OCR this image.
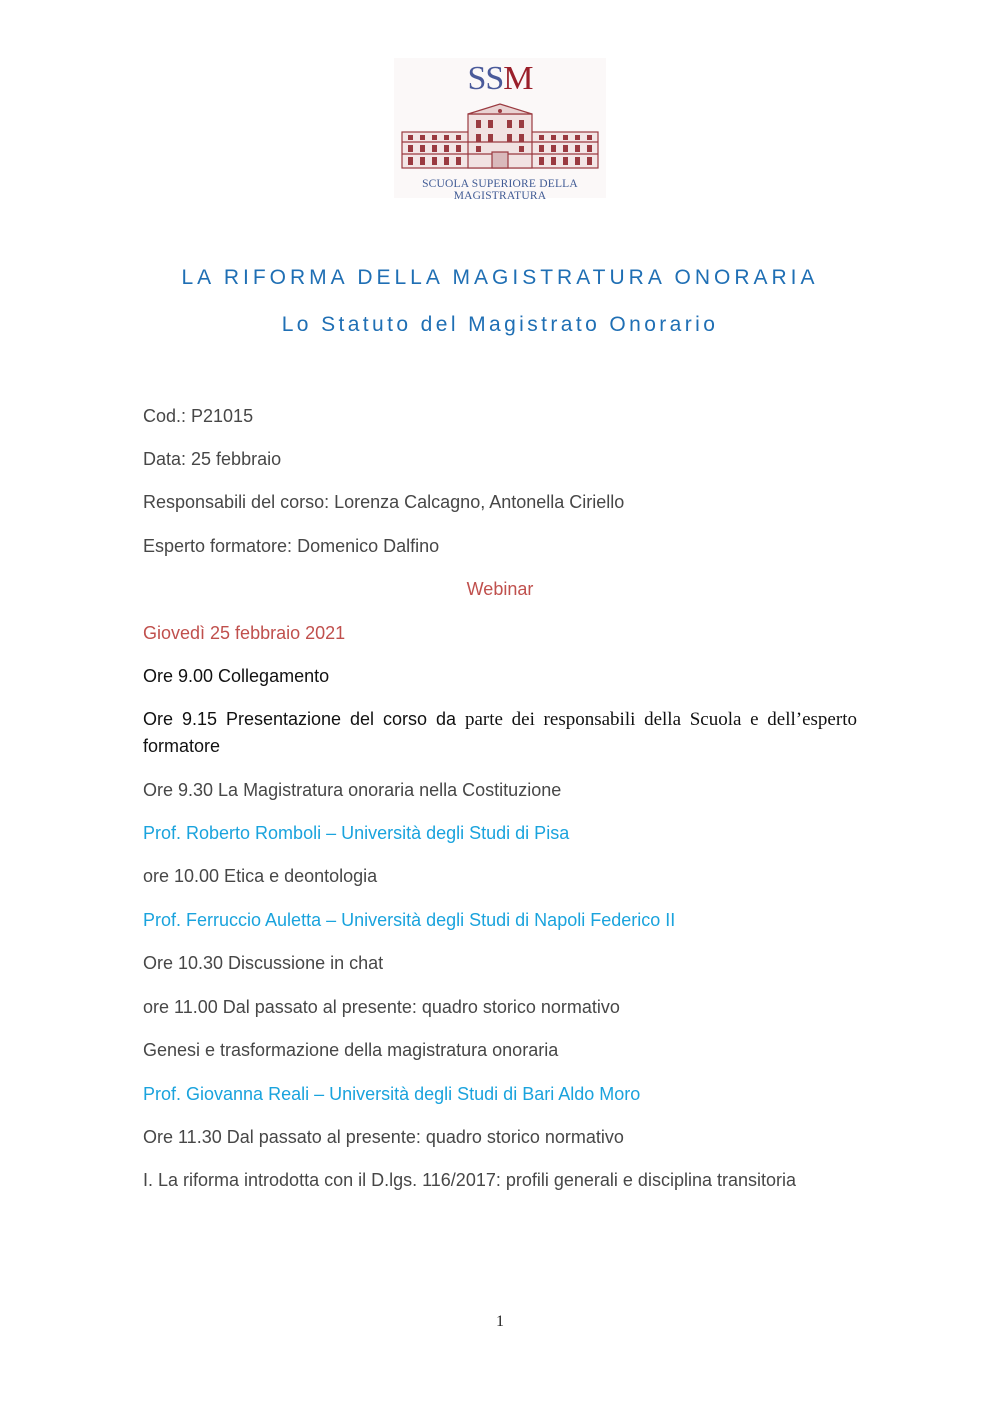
SSM
SCUOLA SUPERIORE DELLA MAGISTRATURA
LA RIFORMA DELLA MAGISTRATURA ONORARIA
Lo Statuto del Magistrato Onorario
Cod.: P21015
Data: 25 febbraio
Responsabili del corso: Lorenza Calcagno, Antonella Ciriello
Esperto formatore: Domenico Dalfino
Webinar
Giovedì 25 febbraio 2021
Ore 9.00 Collegamento
Ore 9.15 Presentazione del corso da parte dei responsabili della Scuola e dell’esperto
formatore
Ore 9.30 La Magistratura onoraria nella Costituzione
Prof. Roberto Romboli – Università degli Studi di Pisa
ore 10.00 Etica e deontologia
Prof. Ferruccio Auletta – Università degli Studi di Napoli Federico II
Ore 10.30 Discussione in chat
ore 11.00 Dal passato al presente: quadro storico normativo
Genesi e trasformazione della magistratura onoraria
Prof. Giovanna Reali – Università degli Studi di Bari Aldo Moro
Ore 11.30 Dal passato al presente: quadro storico normativo
I. La riforma introdotta con il D.lgs. 116/2017: profili generali e disciplina transitoria
1
